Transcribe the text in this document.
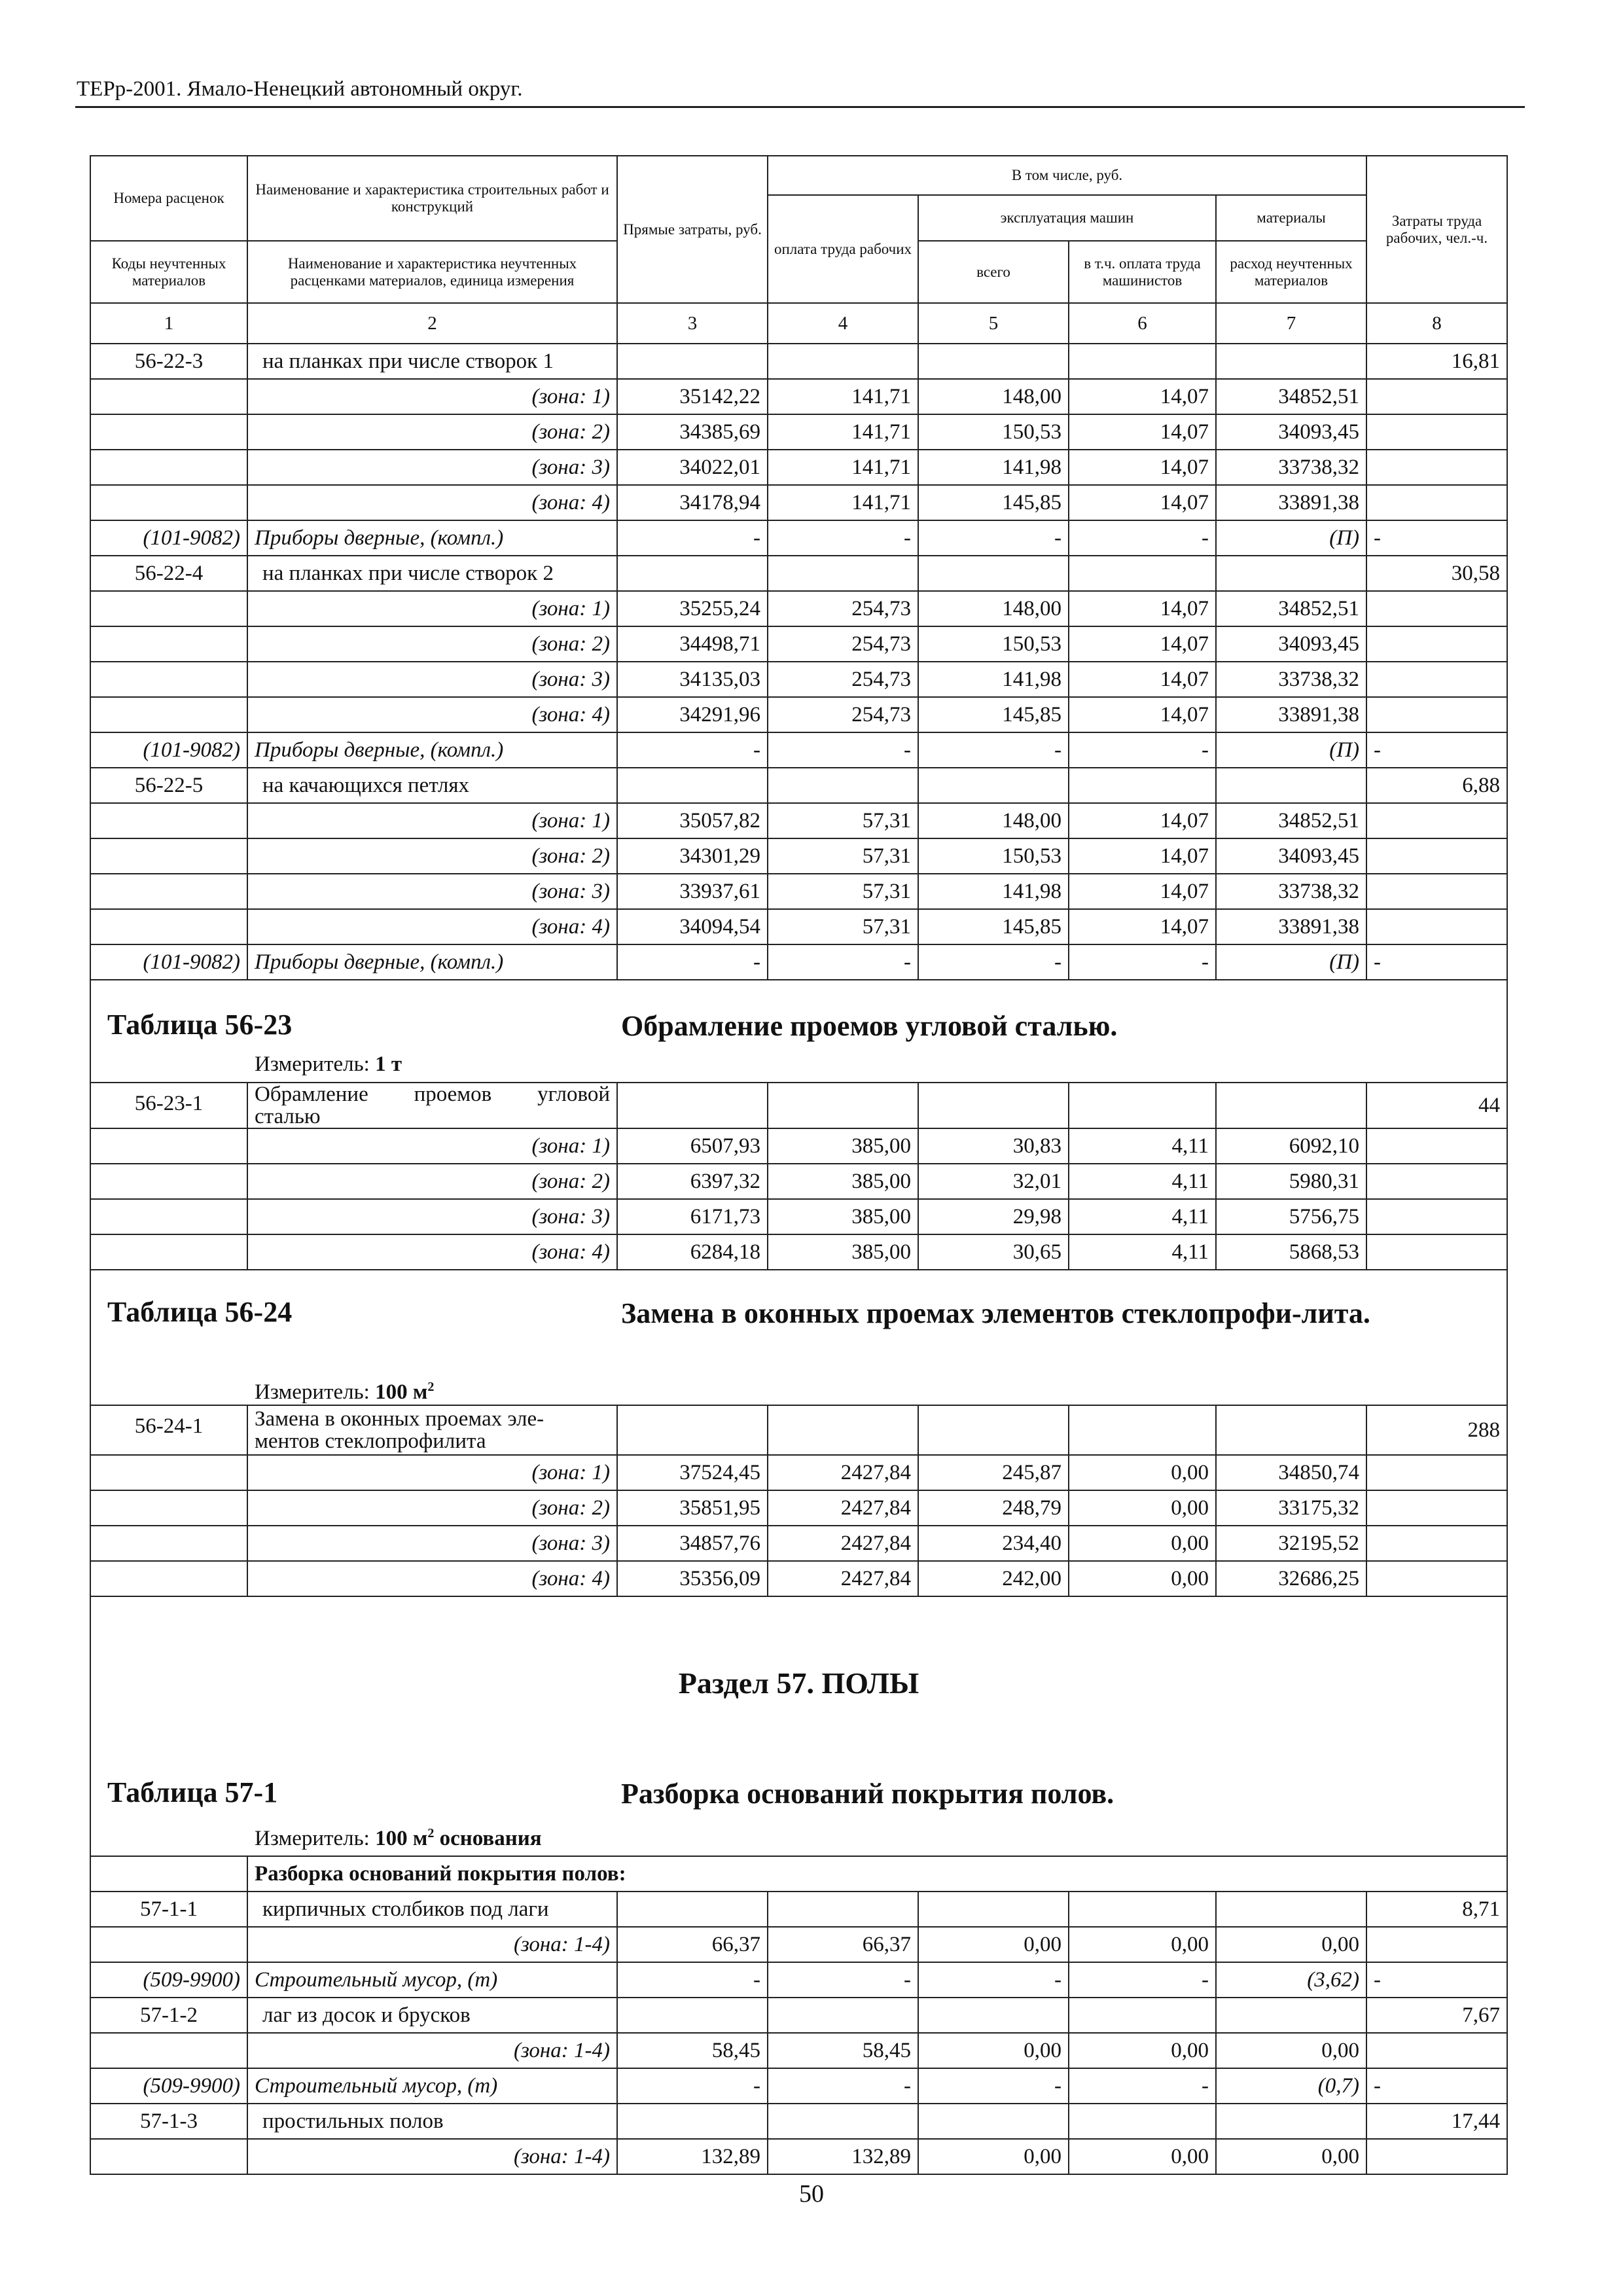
ТЕРр-2001. Ямало-Ненецкий автономный округ.
Номера расценок	Наименование и характеристика строительных работ и конструкций	Прямые затраты, руб.	В том числе, руб.				Затраты труда рабочих, чел.-ч.
			оплата труда рабочих	эксплуатация машин		материалы	
Коды неучтенных материалов	Наименование и характеристика неучтенных расценками материалов, единица измерения			всего	в т.ч. оплата труда машинистов	расход неучтенных материалов	
1	2	3	4	5	6	7	8
56-22-3	на планках при числе створок 1						16,81
	(зона: 1)	35142,22	141,71	148,00	14,07	34852,51	
	(зона: 2)	34385,69	141,71	150,53	14,07	34093,45	
	(зона: 3)	34022,01	141,71	141,98	14,07	33738,32	
	(зона: 4)	34178,94	141,71	145,85	14,07	33891,38	
(101-9082)	Приборы дверные, (компл.)	-	-	-	-	(П)	-
56-22-4	на планках при числе створок 2						30,58
	(зона: 1)	35255,24	254,73	148,00	14,07	34852,51	
	(зона: 2)	34498,71	254,73	150,53	14,07	34093,45	
	(зона: 3)	34135,03	254,73	141,98	14,07	33738,32	
	(зона: 4)	34291,96	254,73	145,85	14,07	33891,38	
(101-9082)	Приборы дверные, (компл.)	-	-	-	-	(П)	-
56-22-5	на качающихся петлях						6,88
	(зона: 1)	35057,82	57,31	148,00	14,07	34852,51	
	(зона: 2)	34301,29	57,31	150,53	14,07	34093,45	
	(зона: 3)	33937,61	57,31	141,98	14,07	33738,32	
	(зона: 4)	34094,54	57,31	145,85	14,07	33891,38	
(101-9082)	Приборы дверные, (компл.)	-	-	-	-	(П)	-

Таблица 56-23 Обрамление проемов угловой сталью.
Измеритель: 1 т							

56-23-1	Обрамление проемов угловой
сталью						44
	(зона: 1)	6507,93	385,00	30,83	4,11	6092,10	
	(зона: 2)	6397,32	385,00	32,01	4,11	5980,31	
	(зона: 3)	6171,73	385,00	29,98	4,11	5756,75	
	(зона: 4)	6284,18	385,00	30,65	4,11	5868,53	

Таблица 56-24 Замена в оконных проемах элементов стеклопрофи-лита.
Измеритель: 100 $м^2$

56-24-1	Замена в оконных проемах эле-
ментов стеклопрофилита						288
	(зона: 1)	37524,45	2427,84	245,87	0,00	34850,74	
	(зона: 2)	35851,95	2427,84	248,79	0,00	33175,32	
	(зона: 3)	34857,76	2427,84	234,40	0,00	32195,52	
	(зона: 4)	35356,09	2427,84	242,00	0,00	32686,25	

Раздел 57. ПОЛЫ
Таблица 57-1 Разборка оснований покрытия полов.
Измеритель: 100 $м^2$ основания							

	Разборка оснований покрытия полов:						
57-1-1	кирпичных столбиков под лаги						8,71
	(зона: 1-4)	66,37	66,37	0,00	0,00	0,00	
(509-9900)	Строительный мусор, (т)	-	-	-	-	(3,62)	-
57-1-2	лаг из досок и брусков						7,67
	(зона: 1-4)	58,45	58,45	0,00	0,00	0,00	
(509-9900)	Строительный мусор, (т)	-	-	-	-	(0,7)	-
57-1-3	простильных полов						17,44
	(зона: 1-4)	132,89	132,89	0,00	0,00	0,00	
50
